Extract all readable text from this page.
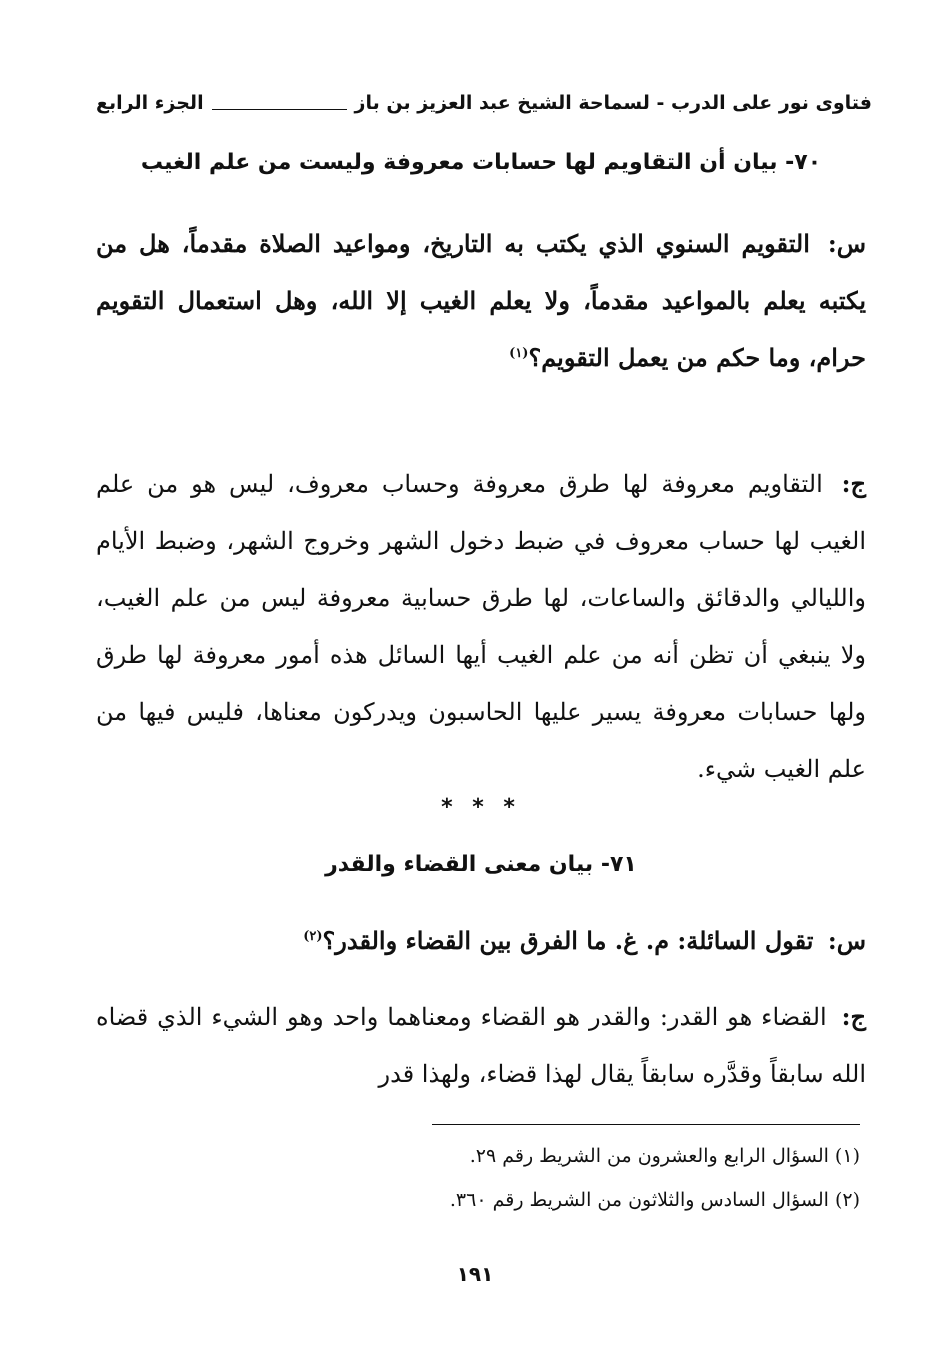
فتاوى نور على الدرب - لسماحة الشيخ عبد العزيز بن باز
الجزء الرابع
٧٠- بيان أن التقاويم لها حسابات معروفة وليست من علم الغيب
س: التقويم السنوي الذي يكتب به التاريخ، ومواعيد الصلاة مقدماً، هل من يكتبه يعلم بالمواعيد مقدماً، ولا يعلم الغيب إلا الله، وهل استعمال التقويم حرام، وما حكم من يعمل التقويم؟$^{(١)}$
ج: التقاويم معروفة لها طرق معروفة وحساب معروف، ليس هو من علم الغيب لها حساب معروف في ضبط دخول الشهر وخروج الشهر، وضبط الأيام والليالي والدقائق والساعات، لها طرق حسابية معروفة ليس من علم الغيب، ولا ينبغي أن تظن أنه من علم الغيب أيها السائل هذه أمور معروفة لها طرق ولها حسابات معروفة يسير عليها الحاسبون ويدركون معناها، فليس فيها من علم الغيب شيء.
* * *
٧١- بيان معنى القضاء والقدر
س: تقول السائلة: م. غ. ما الفرق بين القضاء والقدر؟$^{(٢)}$
ج: القضاء هو القدر: والقدر هو القضاء ومعناهما واحد وهو الشيء الذي قضاه الله سابقاً وقدَّره سابقاً يقال لهذا قضاء، ولهذا قدر
(١) السؤال الرابع والعشرون من الشريط رقم ٢٩.
(٢) السؤال السادس والثلاثون من الشريط رقم ٣٦٠.
١٩١
